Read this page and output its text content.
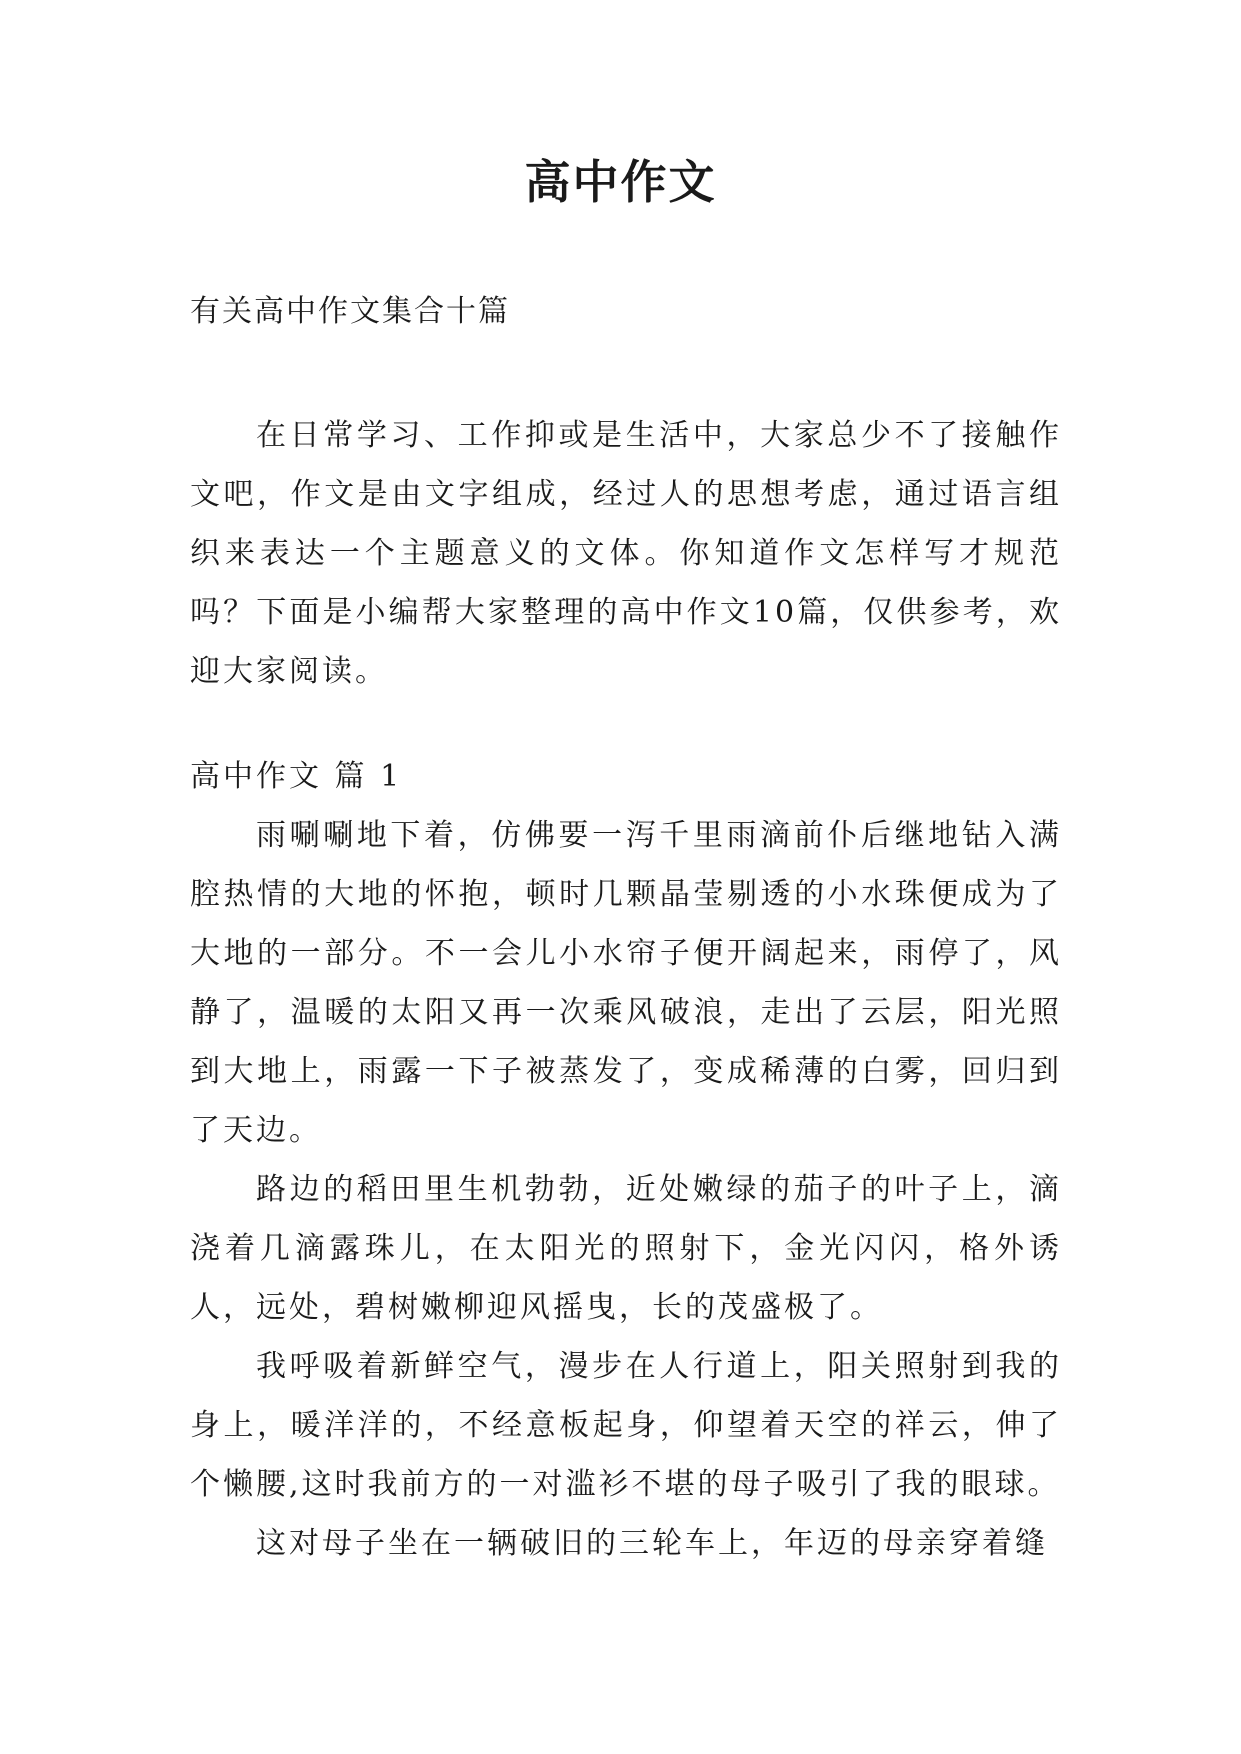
高中作文

有关高中作文集合十篇

在日常学习、工作抑或是生活中，大家总少不了接触作文吧，作文是由文字组成，经过人的思想考虑，通过语言组织来表达一个主题意义的文体。你知道作文怎样写才规范吗？下面是小编帮大家整理的高中作文10篇，仅供参考，欢迎大家阅读。

高中作文 篇 1

雨唰唰地下着，仿佛要一泻千里雨滴前仆后继地钻入满腔热情的大地的怀抱，顿时几颗晶莹剔透的小水珠便成为了大地的一部分。不一会儿小水帘子便开阔起来，雨停了，风静了，温暖的太阳又再一次乘风破浪，走出了云层，阳光照到大地上，雨露一下子被蒸发了，变成稀薄的白雾，回归到了天边。

路边的稻田里生机勃勃，近处嫩绿的茄子的叶子上，滴浇着几滴露珠儿，在太阳光的照射下，金光闪闪，格外诱人，远处，碧树嫩柳迎风摇曳，长的茂盛极了。

我呼吸着新鲜空气，漫步在人行道上，阳关照射到我的身上，暖洋洋的，不经意板起身，仰望着天空的祥云，伸了个懒腰,这时我前方的一对滥衫不堪的母子吸引了我的眼球。

这对母子坐在一辆破旧的三轮车上，年迈的母亲穿着缝
